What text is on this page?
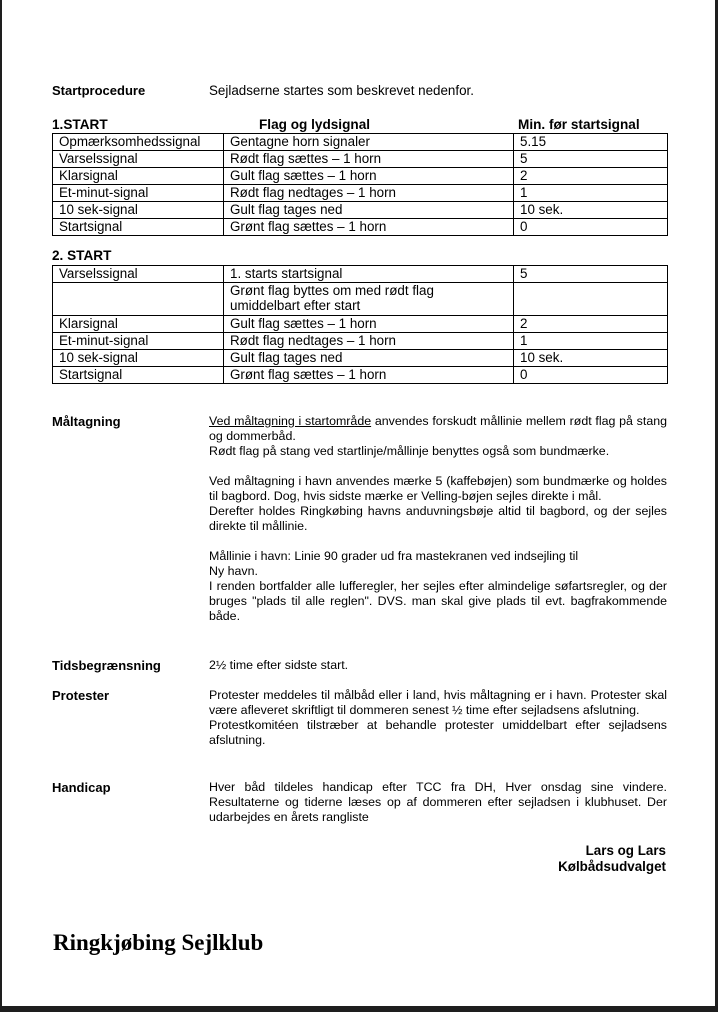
Startprocedure	Sejladserne startes som beskrevet nedenfor.
1.START	Flag og lydsignal	Min. før startsignal
Opmærksomhedssignal	Gentagne horn signaler	5.15
Varselssignal	Rødt flag sættes – 1 horn	5
Klarsignal	Gult flag sættes – 1 horn	2
Et-minut-signal	Rødt flag nedtages – 1 horn	1
10 sek-signal	Gult flag tages ned	10 sek.
Startsignal	Grønt flag sættes – 1 horn	0
2. START
Varselssignal	1. starts startsignal	5
	Grønt flag byttes om med rødt flag umiddelbart efter start	
Klarsignal	Gult flag sættes – 1 horn	2
Et-minut-signal	Rødt flag nedtages – 1 horn	1
10 sek-signal	Gult flag tages ned	10 sek.
Startsignal	Grønt flag sættes – 1 horn	0
Måltagning	Ved måltagning i startområde anvendes forskudt mållinie mellem rødt flag på stang og dommerbåd.

Rødt flag på stang ved startlinje/mållinje benyttes også som bundmærke.

Ved måltagning i havn anvendes mærke 5 (kaffebøjen) som bundmærke og holdes til bagbord. Dog, hvis sidste mærke er Velling-bøjen sejles direkte i mål.

Derefter holdes Ringkøbing havns anduvningsbøje altid til bagbord, og der sejles direkte til mållinie.

Mållinie i havn: Linie 90 grader ud fra mastekranen ved indsejling til

Ny havn.

I renden bortfalder alle lufferegler, her sejles efter almindelige søfartsregler, og der bruges "plads til alle reglen". DVS. man skal give plads til evt. bagfrakommende både.

Tidsbegrænsning	2½ time efter sidste start.
Protester	Protester meddeles til målbåd eller i land, hvis måltagning er i havn. Protester skal være afleveret skriftligt til dommeren senest ½ time efter sejladsens afslutning.

Protestkomitéen tilstræber at behandle protester umiddelbart efter sejladsens afslutning.

Handicap	Hver båd tildeles handicap efter TCC fra DH, Hver onsdag sine vindere. Resultaterne og tiderne læses op af dommeren efter sejladsen i klubhuset. Der udarbejdes en årets rangliste
Lars og Lars
Kølbådsudvalget
Ringkjøbing Sejlklub
